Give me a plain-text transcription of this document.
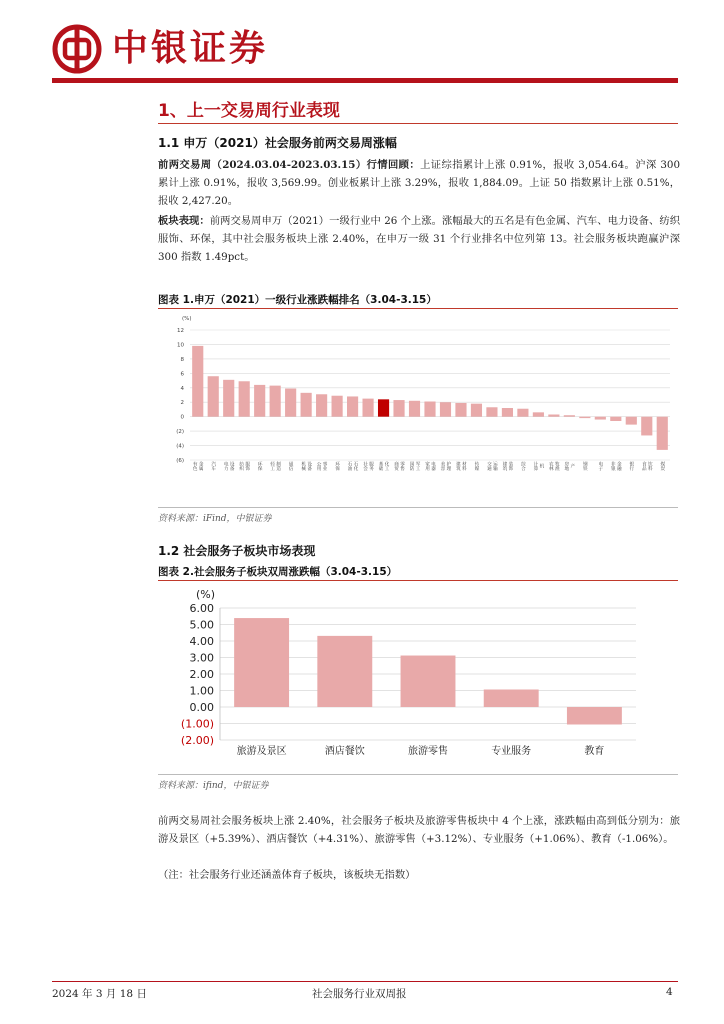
中银证券
1、上一交易周行业表现
1.1 申万（2021）社会服务前两交易周涨幅
前两交易周（2024.03.04-2023.03.15）行情回顾：上证综指累计上涨 0.91%，报收 3,054.64。沪深 300 累计上涨 0.91%，报收 3,569.99。创业板累计上涨 3.29%，报收 1,884.09。上证 50 指数累计上涨 0.51%，报收 2,427.20。
板块表现：前两交易周申万（2021）一级行业中 26 个上涨。涨幅最大的五名是有色金属、汽车、电力设备、纺织服饰、环保，其中社会服务板块上涨 2.40%，在申万一级 31 个行业排名中位列第 13。社会服务板块跑赢沪深 300 指数 1.49pct。
图表 1.申万（2021）一级行业涨跌幅排名（3.04-3.15）
(%)
12
10
8
6
4
2
0
(2)
(4)
(6)
有色 金属 汽车 电力 设备 纺织 服饰 环保 轻工 制造 通信 机械 设备 公用 事业 环保 石油 石化 社会 服务 基础 化工 商贸 零售 国防 军工 家用 电器 美容 护理 建筑 材料 传媒 交通 运输 建筑 装饰 综合 计算 机 农林 牧渔 房地 产 钢铁 电子 非银 金融 银行 食品 饮料 煤炭
资料来源：iFind，中银证券
1.2 社会服务子板块市场表现
图表 2.社会服务子板块双周涨跌幅（3.04-3.15）
(%)
6.00
5.00
4.00
3.00
2.00
1.00
0.00
(1.00)
(2.00)
旅游及景区	酒店餐饮	旅游零售	专业服务	教育
资料来源：ifind，中银证券
前两交易周社会服务板块上涨 2.40%，社会服务子板块及旅游零售板块中 4 个上涨，涨跌幅由高到低分别为：旅游及景区（+5.39%）、酒店餐饮（+4.31%）、旅游零售（+3.12%）、专业服务（+1.06%）、教育（-1.06%）。
（注：社会服务行业还涵盖体育子板块，该板块无指数）
2024 年 3 月 18 日	社会服务行业双周报	4
